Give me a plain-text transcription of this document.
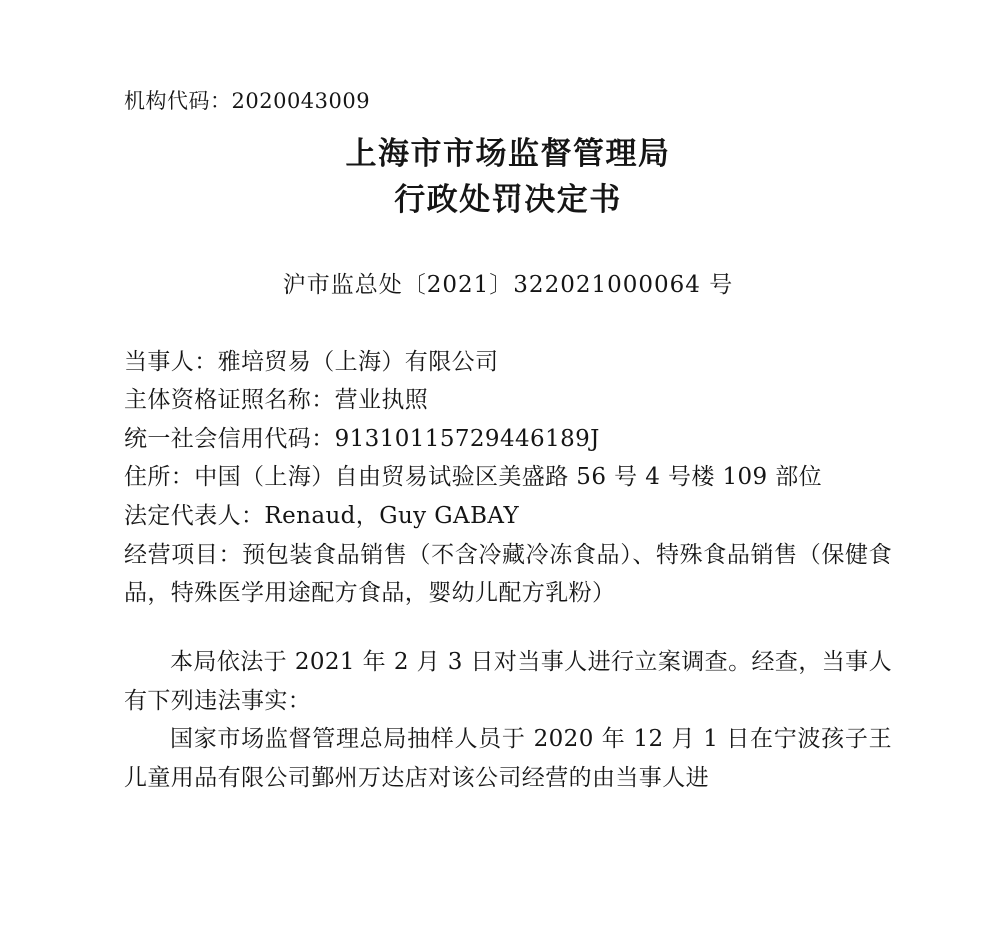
机构代码：2020043009

上海市市场监督管理局

行政处罚决定书

沪市监总处〔2021〕322021000064 号

当事人：雅培贸易（上海）有限公司

主体资格证照名称：营业执照

统一社会信用代码：91310115729446189J

住所：中国（上海）自由贸易试验区美盛路 56 号 4 号楼 109 部位

法定代表人：Renaud，Guy GABAY

经营项目：预包装食品销售（不含冷藏冷冻食品）、特殊食品销售（保健食品，特殊医学用途配方食品，婴幼儿配方乳粉）

本局依法于 2021 年 2 月 3 日对当事人进行立案调查。经查，当事人有下列违法事实：

国家市场监督管理总局抽样人员于 2020 年 12 月 1 日在宁波孩子王儿童用品有限公司鄞州万达店对该公司经营的由当事人进
